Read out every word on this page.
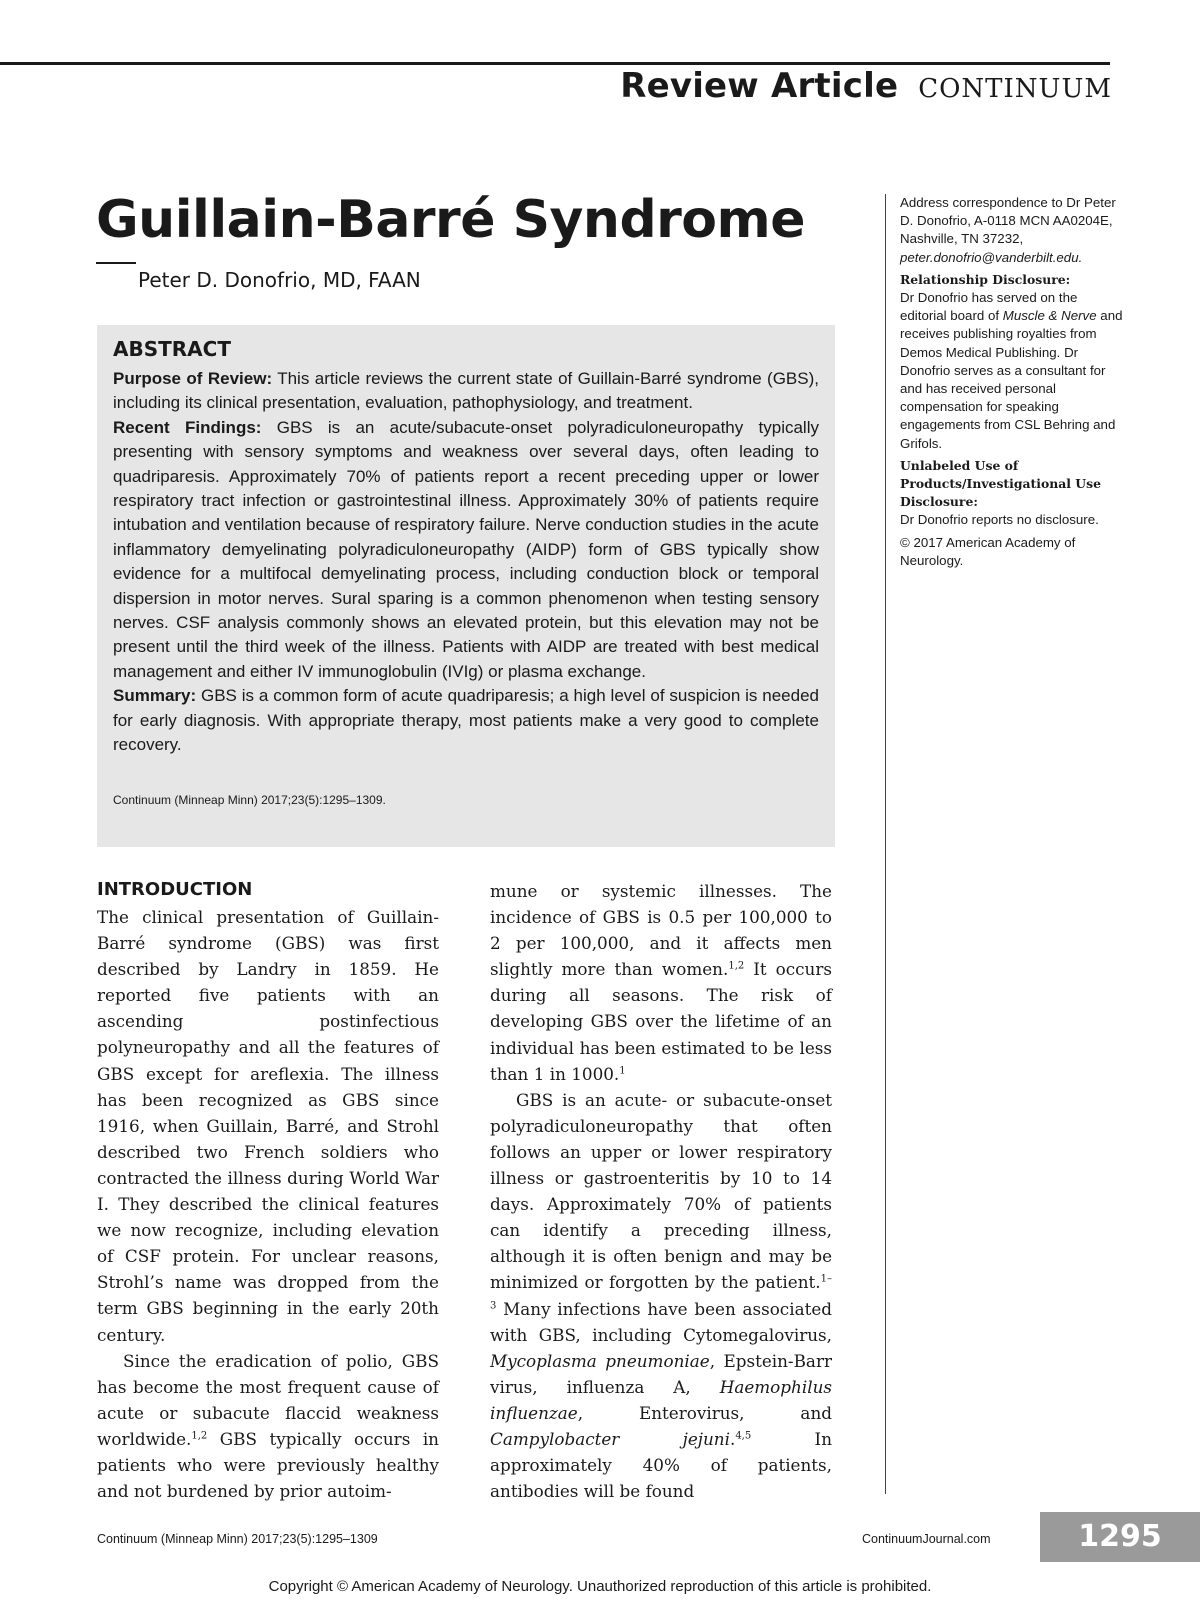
Review Article CONTINUUM
Guillain-Barré Syndrome
Peter D. Donofrio, MD, FAAN
ABSTRACT

Purpose of Review: This article reviews the current state of Guillain-Barré syndrome (GBS), including its clinical presentation, evaluation, pathophysiology, and treatment.

Recent Findings: GBS is an acute/subacute-onset polyradiculoneuropathy typically presenting with sensory symptoms and weakness over several days, often leading to quadriparesis. Approximately 70% of patients report a recent preceding upper or lower respiratory tract infection or gastrointestinal illness. Approximately 30% of patients require intubation and ventilation because of respiratory failure. Nerve conduction studies in the acute inflammatory demyelinating polyradiculoneuropathy (AIDP) form of GBS typically show evidence for a multifocal demyelinating process, including conduction block or temporal dispersion in motor nerves. Sural sparing is a common phenomenon when testing sensory nerves. CSF analysis commonly shows an elevated protein, but this elevation may not be present until the third week of the illness. Patients with AIDP are treated with best medical management and either IV immunoglobulin (IVIg) or plasma exchange.

Summary: GBS is a common form of acute quadriparesis; a high level of suspicion is needed for early diagnosis. With appropriate therapy, most patients make a very good to complete recovery.

Continuum (Minneap Minn) 2017;23(5):1295–1309.

Address correspondence to Dr Peter D. Donofrio, A-0118 MCN AA0204E, Nashville, TN 37232, peter.donofrio@vanderbilt.edu.

Relationship Disclosure:
Dr Donofrio has served on the editorial board of Muscle & Nerve and receives publishing royalties from Demos Medical Publishing. Dr Donofrio serves as a consultant for and has received personal compensation for speaking engagements from CSL Behring and Grifols.

Unlabeled Use of Products/Investigational Use Disclosure:
Dr Donofrio reports no disclosure.

© 2017 American Academy of Neurology.

INTRODUCTION

The clinical presentation of Guillain-Barré syndrome (GBS) was first described by Landry in 1859. He reported five patients with an ascending postinfectious polyneuropathy and all the features of GBS except for areflexia. The illness has been recognized as GBS since 1916, when Guillain, Barré, and Strohl described two French soldiers who contracted the illness during World War I. They described the clinical features we now recognize, including elevation of CSF protein. For unclear reasons, Strohl’s name was dropped from the term GBS beginning in the early 20th century.

Since the eradication of polio, GBS has become the most frequent cause of acute or subacute flaccid weakness worldwide.$^{1,2}$ GBS typically occurs in patients who were previously healthy and not burdened by prior autoim-

mune or systemic illnesses. The incidence of GBS is 0.5 per 100,000 to 2 per 100,000, and it affects men slightly more than women.$^{1,2}$ It occurs during all seasons. The risk of developing GBS over the lifetime of an individual has been estimated to be less than 1 in 1000.$^1$

GBS is an acute- or subacute-onset polyradiculoneuropathy that often follows an upper or lower respiratory illness or gastroenteritis by 10 to 14 days. Approximately 70% of patients can identify a preceding illness, although it is often benign and may be minimized or forgotten by the patient.$^{1-3}$ Many infections have been associated with GBS, including Cytomegalovirus, Mycoplasma pneumoniae, Epstein-Barr virus, influenza A, Haemophilus influenzae, Enterovirus, and Campylobacter jejuni.$^{4,5}$ In approximately 40% of patients, antibodies will be found

Continuum (Minneap Minn) 2017;23(5):1295–1309	ContinuumJournal.com	1295
Copyright © American Academy of Neurology. Unauthorized reproduction of this article is prohibited.
